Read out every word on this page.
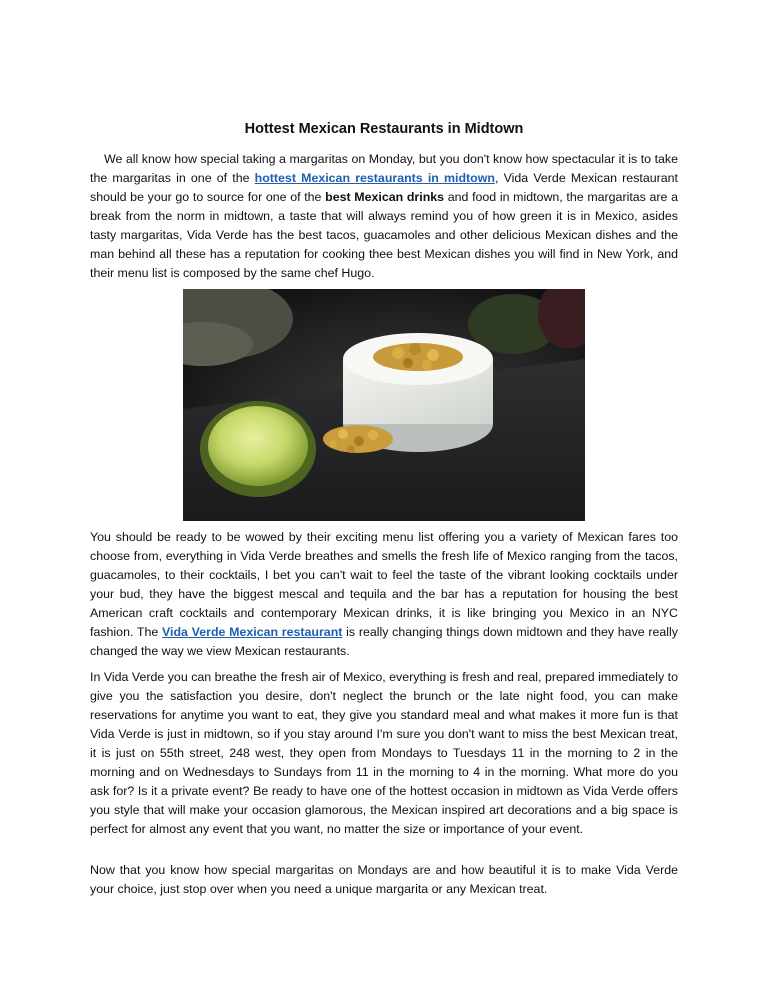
Hottest Mexican Restaurants in Midtown

We all know how special taking a margaritas on Monday, but you don't know how spectacular it is to take the margaritas in one of the hottest Mexican restaurants in midtown, Vida Verde Mexican restaurant should be your go to source for one of the best Mexican drinks and food in midtown, the margaritas are a break from the norm in midtown, a taste that will always remind you of how green it is in Mexico, asides tasty margaritas, Vida Verde has the best tacos, guacamoles and other delicious Mexican dishes and the man behind all these has a reputation for cooking thee best Mexican dishes you will find in New York, and their menu list is composed by the same chef Hugo.

You should be ready to be wowed by their exciting menu list offering you a variety of Mexican fares too choose from, everything in Vida Verde breathes and smells the fresh life of Mexico ranging from the tacos, guacamoles, to their cocktails, I bet you can't wait to feel the taste of the vibrant looking cocktails under your bud, they have the biggest mescal and tequila and the bar has a reputation for housing the best American craft cocktails and contemporary Mexican drinks, it is like bringing you Mexico in an NYC fashion. The Vida Verde Mexican restaurant is really changing things down midtown and they have really changed the way we view Mexican restaurants.

In Vida Verde you can breathe the fresh air of Mexico, everything is fresh and real, prepared immediately to give you the satisfaction you desire, don't neglect the brunch or the late night food, you can make reservations for anytime you want to eat, they give you standard meal and what makes it more fun is that Vida Verde is just in midtown, so if you stay around I'm sure you don't want to miss the best Mexican treat, it is just on 55th street, 248 west, they open from Mondays to Tuesdays 11 in the morning to 2 in the morning and on Wednesdays to Sundays from 11 in the morning to 4 in the morning. What more do you ask for? Is it a private event? Be ready to have one of the hottest occasion in midtown as Vida Verde offers you style that will make your occasion glamorous, the Mexican inspired art decorations and a big space is perfect for almost any event that you want, no matter the size or importance of your event.

Now that you know how special margaritas on Mondays are and how beautiful it is to make Vida Verde your choice, just stop over when you need a unique margarita or any Mexican treat.
